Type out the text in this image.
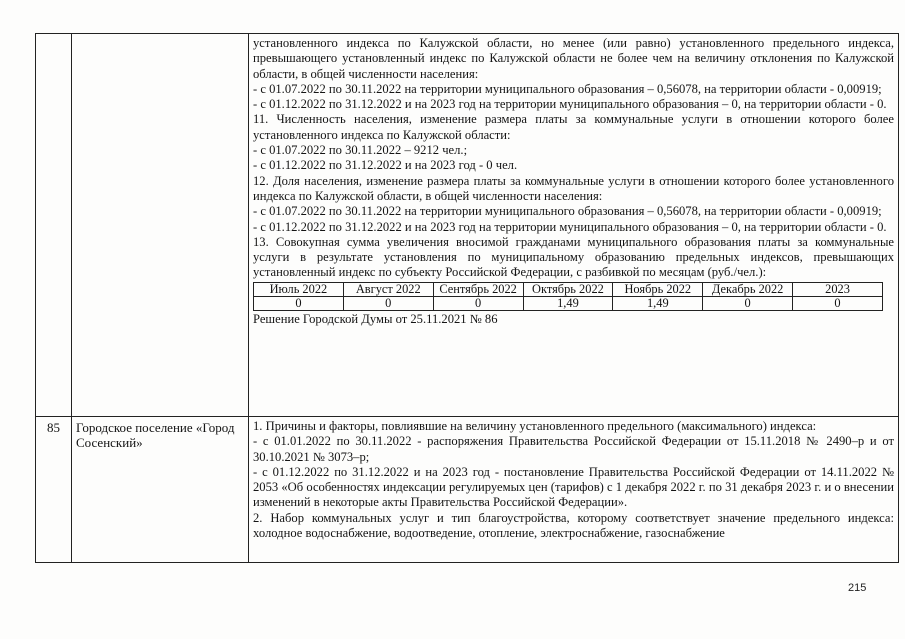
установленного индекса по Калужской области, но менее (или равно) установленного предельного индекса, превышающего установленный индекс по Калужской области не более чем на величину отклонения по Калужской области, в общей численности населения:

- с 01.07.2022 по 30.11.2022 на территории муниципального образования – 0,56078, на территории области - 0,00919;

- с 01.12.2022 по 31.12.2022 и на 2023 год на территории муниципального образования – 0, на территории области - 0.

11. Численность населения, изменение размера платы за коммунальные услуги в отношении которого более установленного индекса по Калужской области:

- с 01.07.2022 по 30.11.2022 – 9212 чел.;

- с 01.12.2022 по 31.12.2022 и на 2023 год - 0 чел.

12. Доля населения, изменение размера платы за коммунальные услуги в отношении которого более установленного индекса по Калужской области, в общей численности населения:

- с 01.07.2022 по 30.11.2022 на территории муниципального образования – 0,56078, на территории области - 0,00919;

- с 01.12.2022 по 31.12.2022 и на 2023 год на территории муниципального образования – 0, на территории области - 0.

13. Совокупная сумма увеличения вносимой гражданами муниципального образования платы за коммунальные услуги в результате установления по муниципальному образованию предельных индексов, превышающих установленный индекс по субъекту Российской Федерации, с разбивкой по месяцам (руб./чел.):

Июль 2022	Август 2022	Сентябрь 2022	Октябрь 2022	Ноябрь 2022	Декабрь 2022	2023
0	0	0	1,49	1,49	0	0

Решение Городской Думы от 25.11.2021 № 86

85	Городское поселение «Город Сосенский»	

1. Причины и факторы, повлиявшие на величину установленного предельного (максимального) индекса:

- с 01.01.2022 по 30.11.2022 - распоряжения Правительства Российской Федерации от 15.11.2018 № 2490–р и от 30.10.2021 № 3073–р;

- с 01.12.2022 по 31.12.2022 и на 2023 год - постановление Правительства Российской Федерации от 14.11.2022 № 2053 «Об особенностях индексации регулируемых цен (тарифов) с 1 декабря 2022 г. по 31 декабря 2023 г. и о внесении изменений в некоторые акты Правительства Российской Федерации».

2. Набор коммунальных услуг и тип благоустройства, которому соответствует значение предельного индекса: холодное водоснабжение, водоотведение, отопление, электроснабжение, газоснабжение

215
